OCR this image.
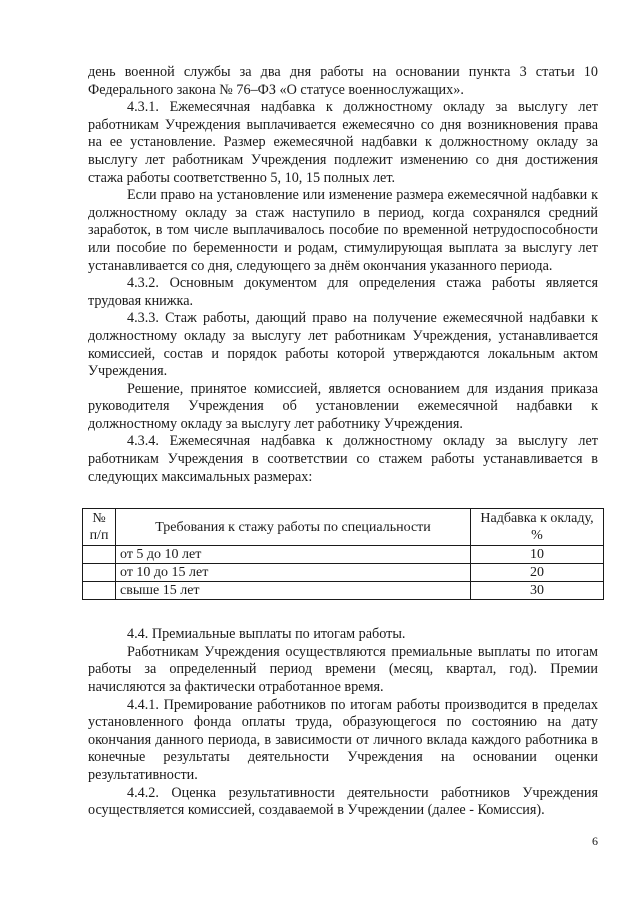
день военной службы за два дня работы на основании пункта 3 статьи 10 Федерального закона № 76–ФЗ «О статусе военнослужащих».

4.3.1. Ежемесячная надбавка к должностному окладу за выслугу лет работникам Учреждения выплачивается ежемесячно со дня возникновения права на ее установление. Размер ежемесячной надбавки к должностному окладу за выслугу лет работникам Учреждения подлежит изменению со дня достижения стажа работы соответственно 5, 10, 15 полных лет.

Если право на установление или изменение размера ежемесячной надбавки к должностному окладу за стаж наступило в период, когда сохранялся средний заработок, в том числе выплачивалось пособие по временной нетрудоспособности или пособие по беременности и родам, стимулирующая выплата за выслугу лет устанавливается со дня, следующего за днём окончания указанного периода.

4.3.2. Основным документом для определения стажа работы является трудовая книжка.

4.3.3. Стаж работы, дающий право на получение ежемесячной надбавки к должностному окладу за выслугу лет работникам Учреждения, устанавливается комиссией, состав и порядок работы которой утверждаются локальным актом Учреждения.

Решение, принятое комиссией, является основанием для издания приказа руководителя Учреждения об установлении ежемесячной надбавки к должностному окладу за выслугу лет работнику Учреждения.

4.3.4. Ежемесячная надбавка к должностному окладу за выслугу лет работникам Учреждения в соответствии со стажем работы устанавливается в следующих максимальных размерах:

№ п/п	Требования к стажу работы по специальности	Надбавка к окладу, %
	от 5 до 10 лет	10
	от 10 до 15 лет	20
	свыше 15 лет	30

4.4. Премиальные выплаты по итогам работы.

Работникам Учреждения осуществляются премиальные выплаты по итогам работы за определенный период времени (месяц, квартал, год). Премии начисляются за фактически отработанное время.

4.4.1. Премирование работников по итогам работы производится в пределах установленного фонда оплаты труда, образующегося по состоянию на дату окончания данного периода, в зависимости от личного вклада каждого работника в конечные результаты деятельности Учреждения на основании оценки результативности.

4.4.2. Оценка результативности деятельности работников Учреждения осуществляется комиссией, создаваемой в Учреждении (далее - Комиссия).

6
